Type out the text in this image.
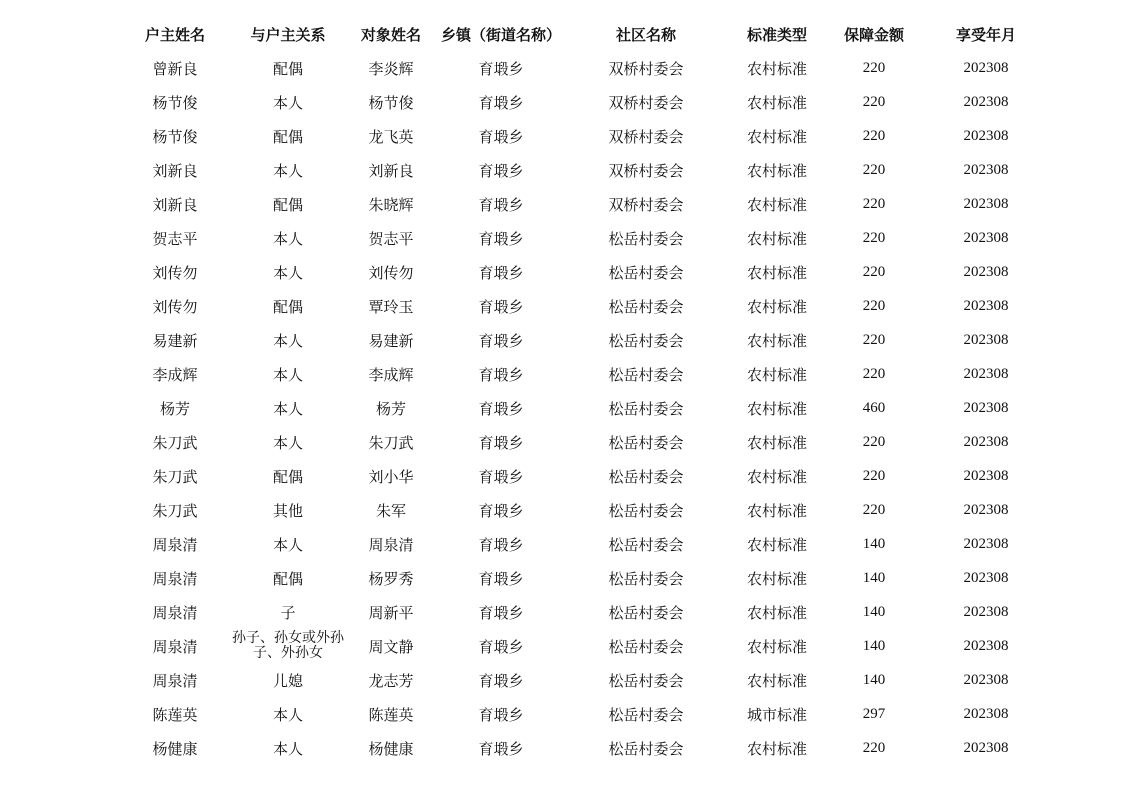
户主姓名	与户主关系	对象姓名	乡镇（街道名称）	社区名称	标准类型	保障金额	享受年月
曾新良	配偶	李炎辉	育塅乡	双桥村委会	农村标准	220	202308
杨节俊	本人	杨节俊	育塅乡	双桥村委会	农村标准	220	202308
杨节俊	配偶	龙飞英	育塅乡	双桥村委会	农村标准	220	202308
刘新良	本人	刘新良	育塅乡	双桥村委会	农村标准	220	202308
刘新良	配偶	朱晓辉	育塅乡	双桥村委会	农村标准	220	202308
贺志平	本人	贺志平	育塅乡	松岳村委会	农村标准	220	202308
刘传勿	本人	刘传勿	育塅乡	松岳村委会	农村标准	220	202308
刘传勿	配偶	覃玲玉	育塅乡	松岳村委会	农村标准	220	202308
易建新	本人	易建新	育塅乡	松岳村委会	农村标准	220	202308
李成辉	本人	李成辉	育塅乡	松岳村委会	农村标准	220	202308
杨芳	本人	杨芳	育塅乡	松岳村委会	农村标准	460	202308
朱刀武	本人	朱刀武	育塅乡	松岳村委会	农村标准	220	202308
朱刀武	配偶	刘小华	育塅乡	松岳村委会	农村标准	220	202308
朱刀武	其他	朱军	育塅乡	松岳村委会	农村标准	220	202308
周泉清	本人	周泉清	育塅乡	松岳村委会	农村标准	140	202308
周泉清	配偶	杨罗秀	育塅乡	松岳村委会	农村标准	140	202308
周泉清	子	周新平	育塅乡	松岳村委会	农村标准	140	202308
周泉清	孙子、孙女或外孙子、外孙女	周文静	育塅乡	松岳村委会	农村标准	140	202308
周泉清	儿媳	龙志芳	育塅乡	松岳村委会	农村标准	140	202308
陈莲英	本人	陈莲英	育塅乡	松岳村委会	城市标准	297	202308
杨健康	本人	杨健康	育塅乡	松岳村委会	农村标准	220	202308
